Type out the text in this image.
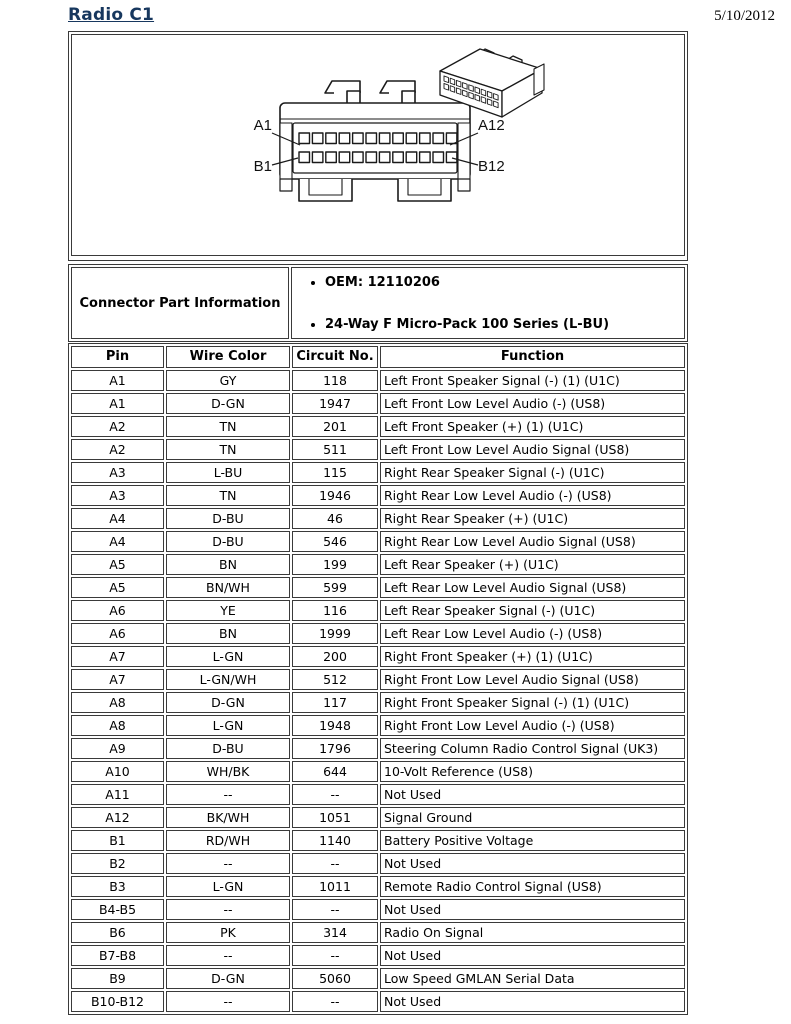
Radio C1	5/10/2012
A1	A12
B1	B12
Connector Part Information	
• OEM: 12110206
• 24-Way F Micro-Pack 100 Series (L-BU)
Pin	Wire Color	Circuit No.	Function
A1	GY	118	Left Front Speaker Signal (-) (1) (U1C)
A1	D-GN	1947	Left Front Low Level Audio (-) (US8)
A2	TN	201	Left Front Speaker (+) (1) (U1C)
A2	TN	511	Left Front Low Level Audio Signal (US8)
A3	L-BU	115	Right Rear Speaker Signal (-) (U1C)
A3	TN	1946	Right Rear Low Level Audio (-) (US8)
A4	D-BU	46	Right Rear Speaker (+) (U1C)
A4	D-BU	546	Right Rear Low Level Audio Signal (US8)
A5	BN	199	Left Rear Speaker (+) (U1C)
A5	BN/WH	599	Left Rear Low Level Audio Signal (US8)
A6	YE	116	Left Rear Speaker Signal (-) (U1C)
A6	BN	1999	Left Rear Low Level Audio (-) (US8)
A7	L-GN	200	Right Front Speaker (+) (1) (U1C)
A7	L-GN/WH	512	Right Front Low Level Audio Signal (US8)
A8	D-GN	117	Right Front Speaker Signal (-) (1) (U1C)
A8	L-GN	1948	Right Front Low Level Audio (-) (US8)
A9	D-BU	1796	Steering Column Radio Control Signal (UK3)
A10	WH/BK	644	10-Volt Reference (US8)
A11	--	--	Not Used
A12	BK/WH	1051	Signal Ground
B1	RD/WH	1140	Battery Positive Voltage
B2	--	--	Not Used
B3	L-GN	1011	Remote Radio Control Signal (US8)
B4-B5	--	--	Not Used
B6	PK	314	Radio On Signal
B7-B8	--	--	Not Used
B9	D-GN	5060	Low Speed GMLAN Serial Data
B10-B12	--	--	Not Used
